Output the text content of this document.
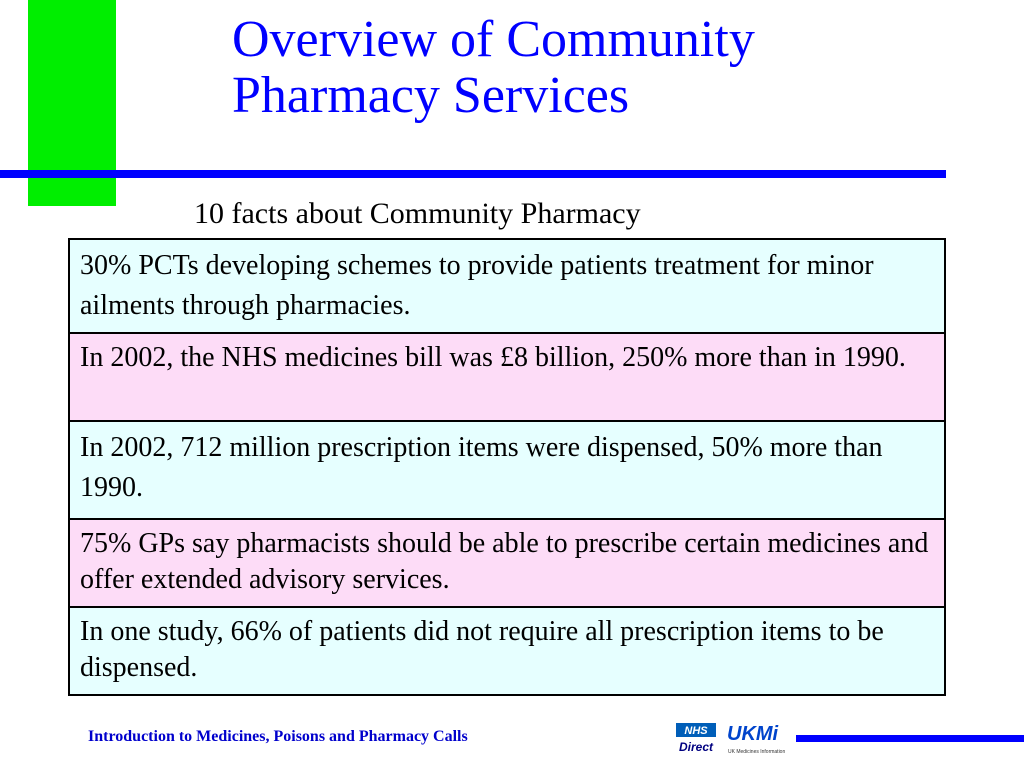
Overview of Community
Pharmacy Services
10 facts about Community Pharmacy
30% PCTs developing schemes to provide patients treatment for minor ailments through pharmacies.
In 2002, the NHS medicines bill was £8 billion, 250% more than in 1990.
In 2002, 712 million prescription items were dispensed, 50% more than 1990.
75% GPs say pharmacists should be able to prescribe certain medicines and offer extended advisory services.
In one study, 66% of patients did not require all prescription items to be dispensed.
Introduction to Medicines, Poisons and Pharmacy Calls	NHS
Direct
UKMi
UK Medicines Information
